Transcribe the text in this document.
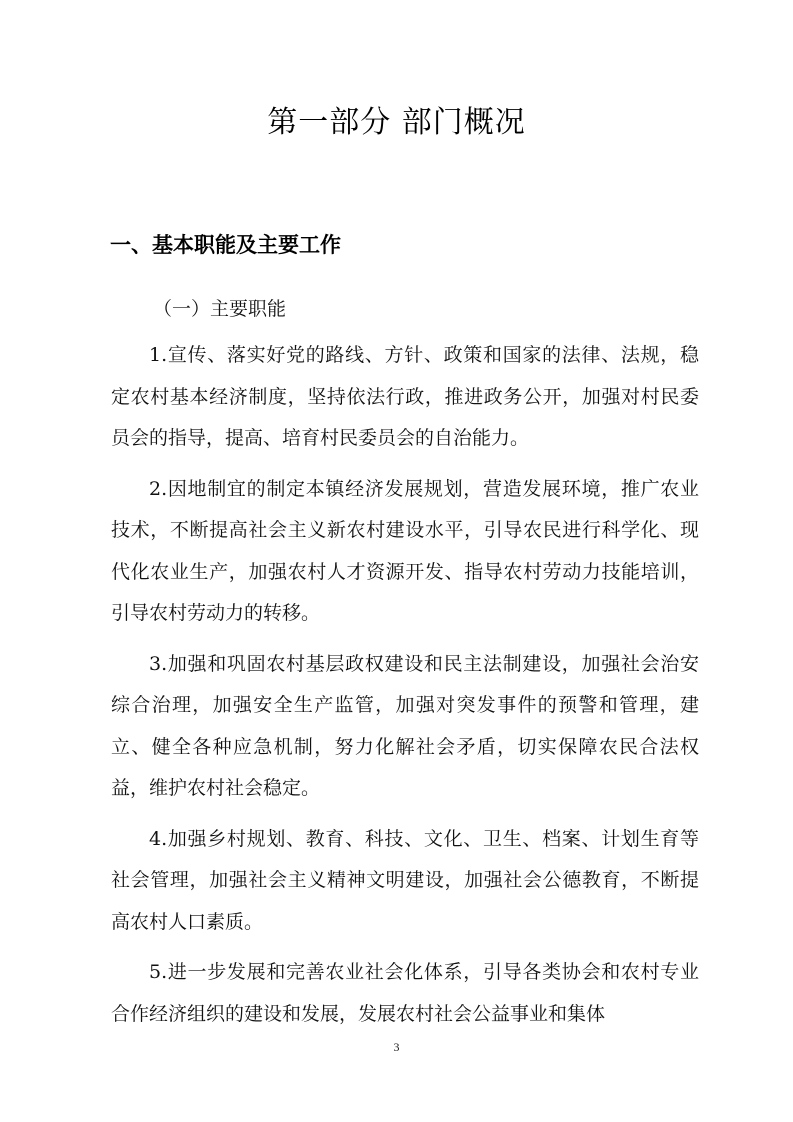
第一部分 部门概况
一、基本职能及主要工作
（一）主要职能

1.宣传、落实好党的路线、方针、政策和国家的法律、法规，稳定农村基本经济制度，坚持依法行政，推进政务公开，加强对村民委员会的指导，提高、培育村民委员会的自治能力。

2.因地制宜的制定本镇经济发展规划，营造发展环境，推广农业技术，不断提高社会主义新农村建设水平，引导农民进行科学化、现代化农业生产，加强农村人才资源开发、指导农村劳动力技能培训，引导农村劳动力的转移。

3.加强和巩固农村基层政权建设和民主法制建设，加强社会治安综合治理，加强安全生产监管，加强对突发事件的预警和管理，建立、健全各种应急机制，努力化解社会矛盾，切实保障农民合法权益，维护农村社会稳定。

4.加强乡村规划、教育、科技、文化、卫生、档案、计划生育等社会管理，加强社会主义精神文明建设，加强社会公德教育，不断提高农村人口素质。

5.进一步发展和完善农业社会化体系，引导各类协会和农村专业合作经济组织的建设和发展，发展农村社会公益事业和集体

3
